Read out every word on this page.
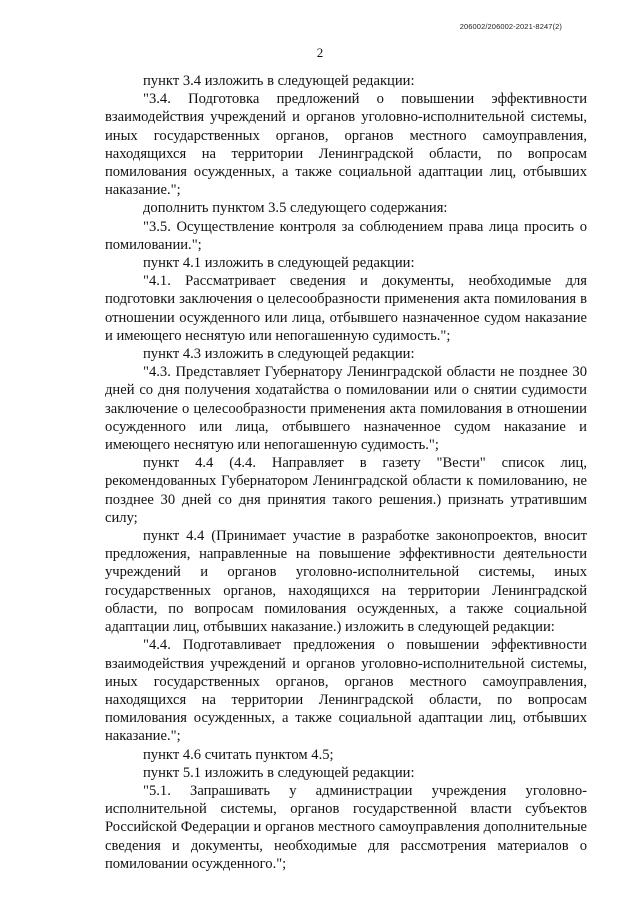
206002/206002-2021-8247(2)
2

пункт 3.4 изложить в следующей редакции:

"3.4. Подготовка предложений о повышении эффективности взаимодействия учреждений и органов уголовно-исполнительной системы, иных государственных органов, органов местного самоуправления, находящихся на территории Ленинградской области, по вопросам помилования осужденных, а также социальной адаптации лиц, отбывших наказание.";

дополнить пунктом 3.5 следующего содержания:

"3.5. Осуществление контроля за соблюдением права лица просить о помиловании.";

пункт 4.1 изложить в следующей редакции:

"4.1. Рассматривает сведения и документы, необходимые для подготовки заключения о целесообразности применения акта помилования в отношении осужденного или лица, отбывшего назначенное судом наказание и имеющего неснятую или непогашенную судимость.";

пункт 4.3 изложить в следующей редакции:

"4.3. Представляет Губернатору Ленинградской области не позднее 30 дней со дня получения ходатайства о помиловании или о снятии судимости заключение о целесообразности применения акта помилования в отношении осужденного или лица, отбывшего назначенное судом наказание и имеющего неснятую или непогашенную судимость.";

пункт 4.4 (4.4. Направляет в газету "Вести" список лиц, рекомендованных Губернатором Ленинградской области к помилованию, не позднее 30 дней со дня принятия такого решения.) признать утратившим силу;

пункт 4.4 (Принимает участие в разработке законопроектов, вносит предложения, направленные на повышение эффективности деятельности учреждений и органов уголовно-исполнительной системы, иных государственных органов, находящихся на территории Ленинградской области, по вопросам помилования осужденных, а также социальной адаптации лиц, отбывших наказание.) изложить в следующей редакции:

"4.4. Подготавливает предложения о повышении эффективности взаимодействия учреждений и органов уголовно-исполнительной системы, иных государственных органов, органов местного самоуправления, находящихся на территории Ленинградской области, по вопросам помилования осужденных, а также социальной адаптации лиц, отбывших наказание.";

пункт 4.6 считать пунктом 4.5;

пункт 5.1 изложить в следующей редакции:

"5.1. Запрашивать у администрации учреждения уголовно-исполнительной системы, органов государственной власти субъектов Российской Федерации и органов местного самоуправления дополнительные сведения и документы, необходимые для рассмотрения материалов о помиловании осужденного.";
